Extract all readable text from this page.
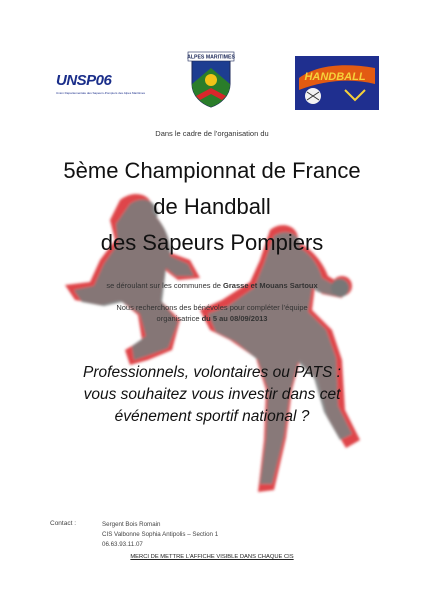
UNSP06
Union Départementale des Sapeurs-Pompiers des Alpes Maritimes
ALPES MARITIMES
HANDBALL
Dans le cadre de l’organisation du
5ème Championnat de France
de Handball
des Sapeurs Pompiers
se déroulant sur les communes de Grasse et Mouans Sartoux
Nous recherchons des bénévoles pour compléter l’équipe
organisatrice du 5 au 08/09/2013
Professionnels, volontaires ou PATS :
vous souhaitez vous investir dans cet
événement sportif national ?
Contact :	Sergent Bois Romain
CIS Valbonne Sophia Antipolis – Section 1
06.63.93.11.07
MERCI DE METTRE L’AFFICHE VISIBLE DANS CHAQUE CIS
